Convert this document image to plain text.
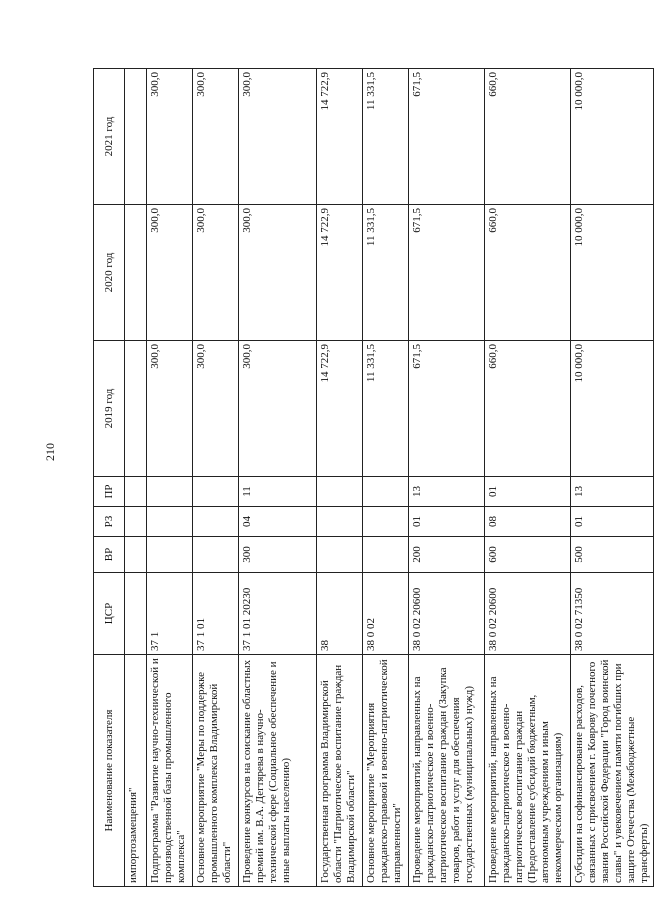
210
Наименование показателя	ЦСР	ВР	РЗ	ПР	2019 год	2020 год	2021 год
импортозамещения"							
Подпрограмма "Развитие научно-технической и производственной базы промышленного комплекса"	37 1				300,0	300,0	300,0
Основное мероприятие "Меры по поддержке промышленного комплекса Владимирской области"	37 1 01				300,0	300,0	300,0
Проведение конкурсов на соискание областных премий им. В.А. Дегтярева в научно-технической сфере (Социальное обеспечение и иные выплаты населению)	37 1 01 20230	300	04	11	300,0	300,0	300,0
Государственная программа Владимирской области "Патриотическое воспитание граждан Владимирской области"	38				14 722,9	14 722,9	14 722,9
Основное мероприятие "Мероприятия гражданско-правовой и военно-патриотической направленности"	38 0 02				11 331,5	11 331,5	11 331,5
Проведение мероприятий, направленных на гражданско-патриотическое и военно-патриотическое воспитание граждан (Закупка товаров, работ и услуг для обеспечения государственных (муниципальных) нужд)	38 0 02 20600	200	01	13	671,5	671,5	671,5
Проведение мероприятий, направленных на гражданско-патриотическое и военно-патриотическое воспитание граждан (Предоставление субсидий бюджетным, автономным учреждениям и иным некоммерческим организациям)	38 0 02 20600	600	08	01	660,0	660,0	660,0
Субсидии на софинансирование расходов, связанных с присвоением г. Коврову почетного звания Российской Федерации "Город воинской славы" и увековечением памяти погибших при защите Отечества (Межбюджетные трансферты)	38 0 02 71350	500	01	13	10 000,0	10 000,0	10 000,0
